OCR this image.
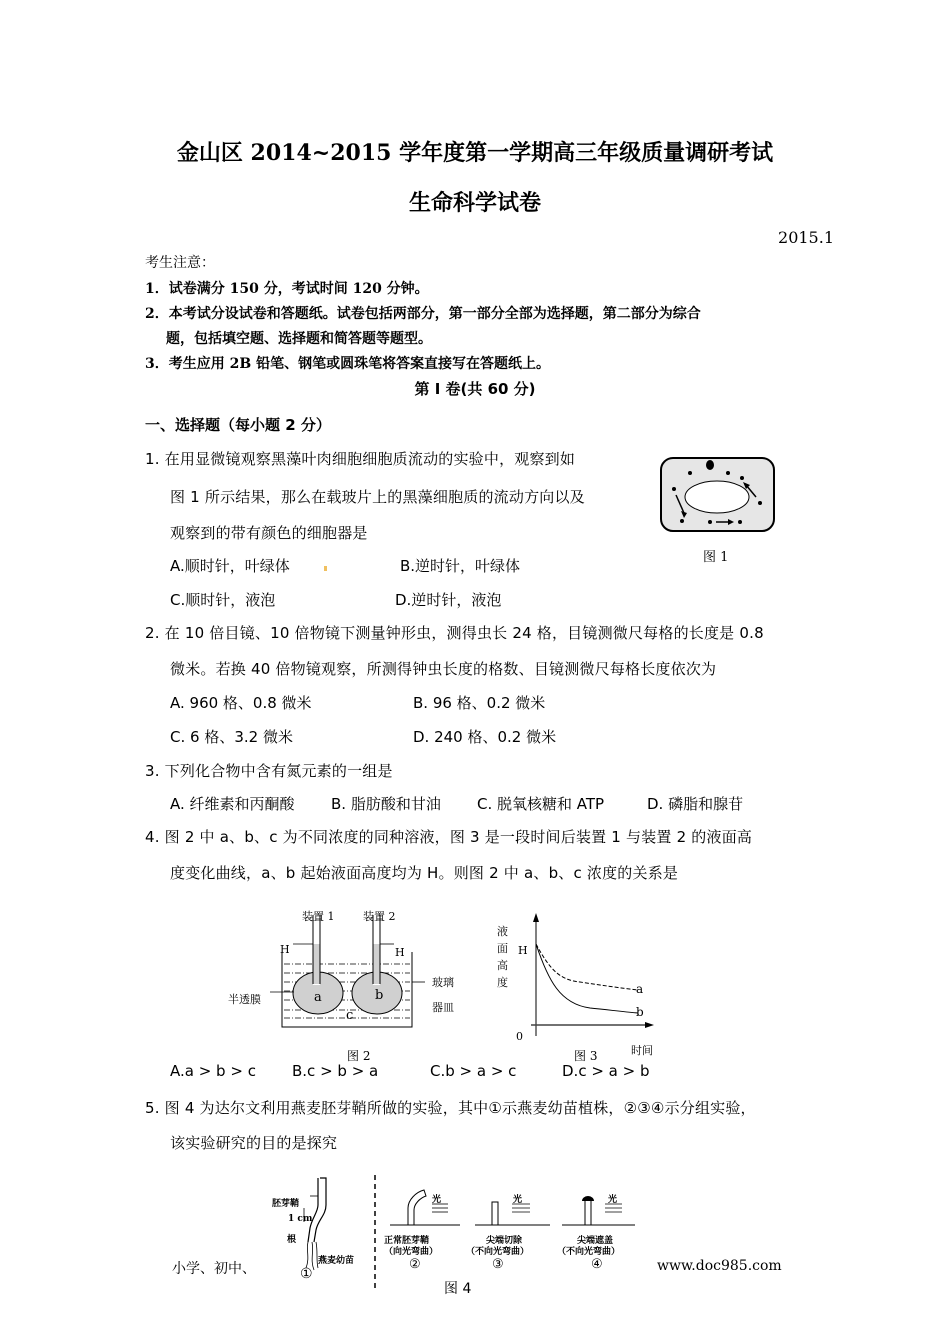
金山区 2014~2015 学年度第一学期高三年级质量调研考试
生命科学试卷
2015.1
考生注意：
1．试卷满分 150 分，考试时间 120 分钟。
2．本考试分设试卷和答题纸。试卷包括两部分，第一部分全部为选择题，第二部分为综合
题，包括填空题、选择题和简答题等题型。
3．考生应用 2B 铅笔、钢笔或圆珠笔将答案直接写在答题纸上。
第 I 卷(共 60 分)
一、选择题（每小题 2 分）
1. 在用显微镜观察黑藻叶肉细胞细胞质流动的实验中，观察到如
图 1 所示结果，那么在载玻片上的黑藻细胞质的流动方向以及
观察到的带有颜色的细胞器是
A.顺时针，叶绿体	B.逆时针，叶绿体
C.顺时针，液泡	D.逆时针，液泡
图 1
2. 在 10 倍目镜、10 倍物镜下测量钟形虫，测得虫长 24 格，目镜测微尺每格的长度是 0.8
微米。若换 40 倍物镜观察，所测得钟虫长度的格数、目镜测微尺每格长度依次为
A. 960 格、0.8 微米	B. 96 格、0.2 微米
C. 6 格、3.2 微米	D. 240 格、0.2 微米
3. 下列化合物中含有氮元素的一组是
A. 纤维素和丙酮酸 B. 脂肪酸和甘油 C. 脱氧核糖和 ATP	D. 磷脂和腺苷
4. 图 2 中 a、b、c 为不同浓度的同种溶液，图 3 是一段时间后装置 1 与装置 2 的液面高
度变化曲线，a、b 起始液面高度均为 H。则图 2 中 a、b、c 浓度的关系是
装置 1	装置 2
H	H
半透膜
玻璃
器皿
a	b
c
图 2
液
面
高
度
H
0
时间
a
b
图 3
A.a > b > c B.c > b > a	C.b > a > c	D.c > a > b
5. 图 4 为达尔文利用燕麦胚芽鞘所做的实验，其中①示燕麦幼苗植株，②③④示分组实验，
该实验研究的目的是探究
胚芽鞘
1 cm
根
燕麦幼苗
①
光	光	光
正常胚芽鞘
（向光弯曲）
尖端切除
（不向光弯曲）
尖端遮盖
（不向光弯曲）
②	③	④
图 4
小学、初中、	www.doc985.com
